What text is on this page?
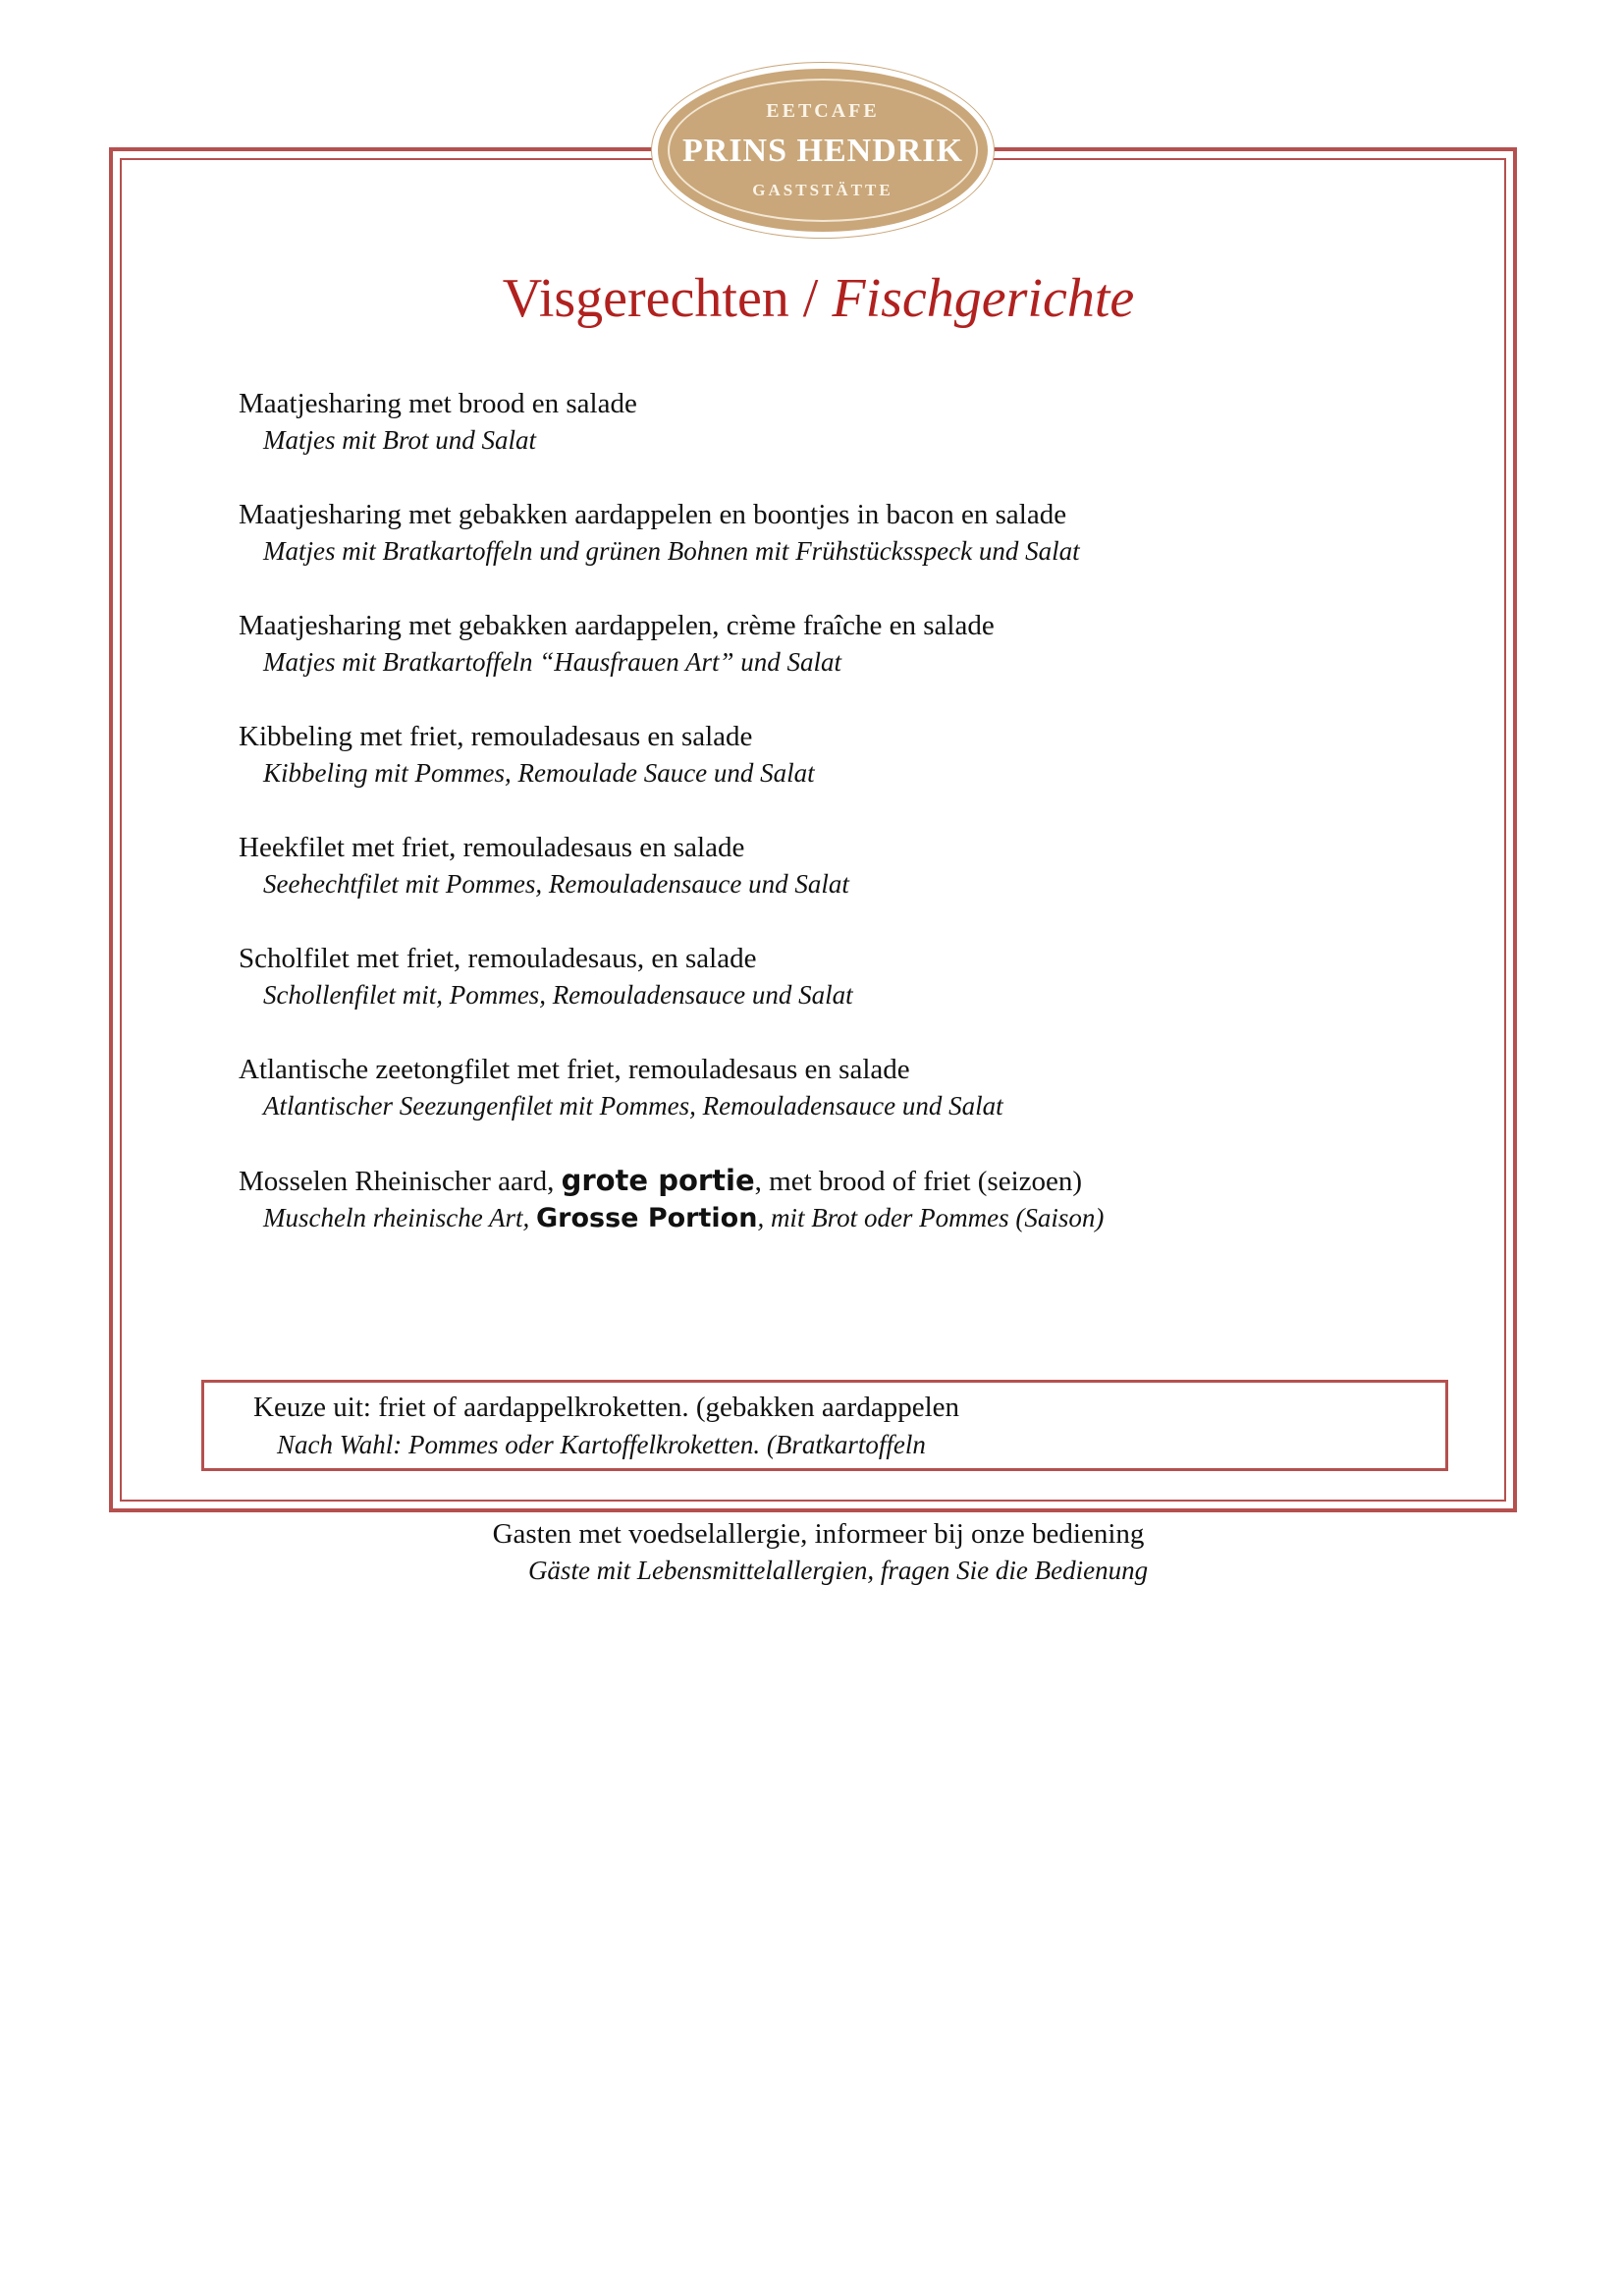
EETCAFE
PRINS HENDRIK
GASTSTÄTTE
Visgerechten / Fischgerichte
Maatjesharing met brood en salade
Matjes mit Brot und Salat
Maatjesharing met gebakken aardappelen en boontjes in bacon en salade
Matjes mit Bratkartoffeln und grünen Bohnen mit Frühstücksspeck und Salat
Maatjesharing met gebakken aardappelen, crème fraîche en salade
Matjes mit Bratkartoffeln “Hausfrauen Art” und Salat
Kibbeling met friet, remouladesaus en salade
Kibbeling mit Pommes, Remoulade Sauce und Salat
Heekfilet met friet, remouladesaus en salade
Seehechtfilet mit Pommes, Remouladensauce und Salat
Scholfilet met friet, remouladesaus, en salade
Schollenfilet mit, Pommes, Remouladensauce und Salat
Atlantische zeetongfilet met friet, remouladesaus en salade
Atlantischer Seezungenfilet mit Pommes, Remouladensauce und Salat
Mosselen Rheinischer aard, grote portie, met brood of friet (seizoen)
Muscheln rheinische Art, Grosse Portion, mit Brot oder Pommes (Saison)
Keuze uit: friet of aardappelkroketten. (gebakken aardappelen
Nach Wahl: Pommes oder Kartoffelkroketten. (Bratkartoffeln
Gasten met voedselallergie, informeer bij onze bediening
Gäste mit Lebensmittelallergien, fragen Sie die Bedienung
